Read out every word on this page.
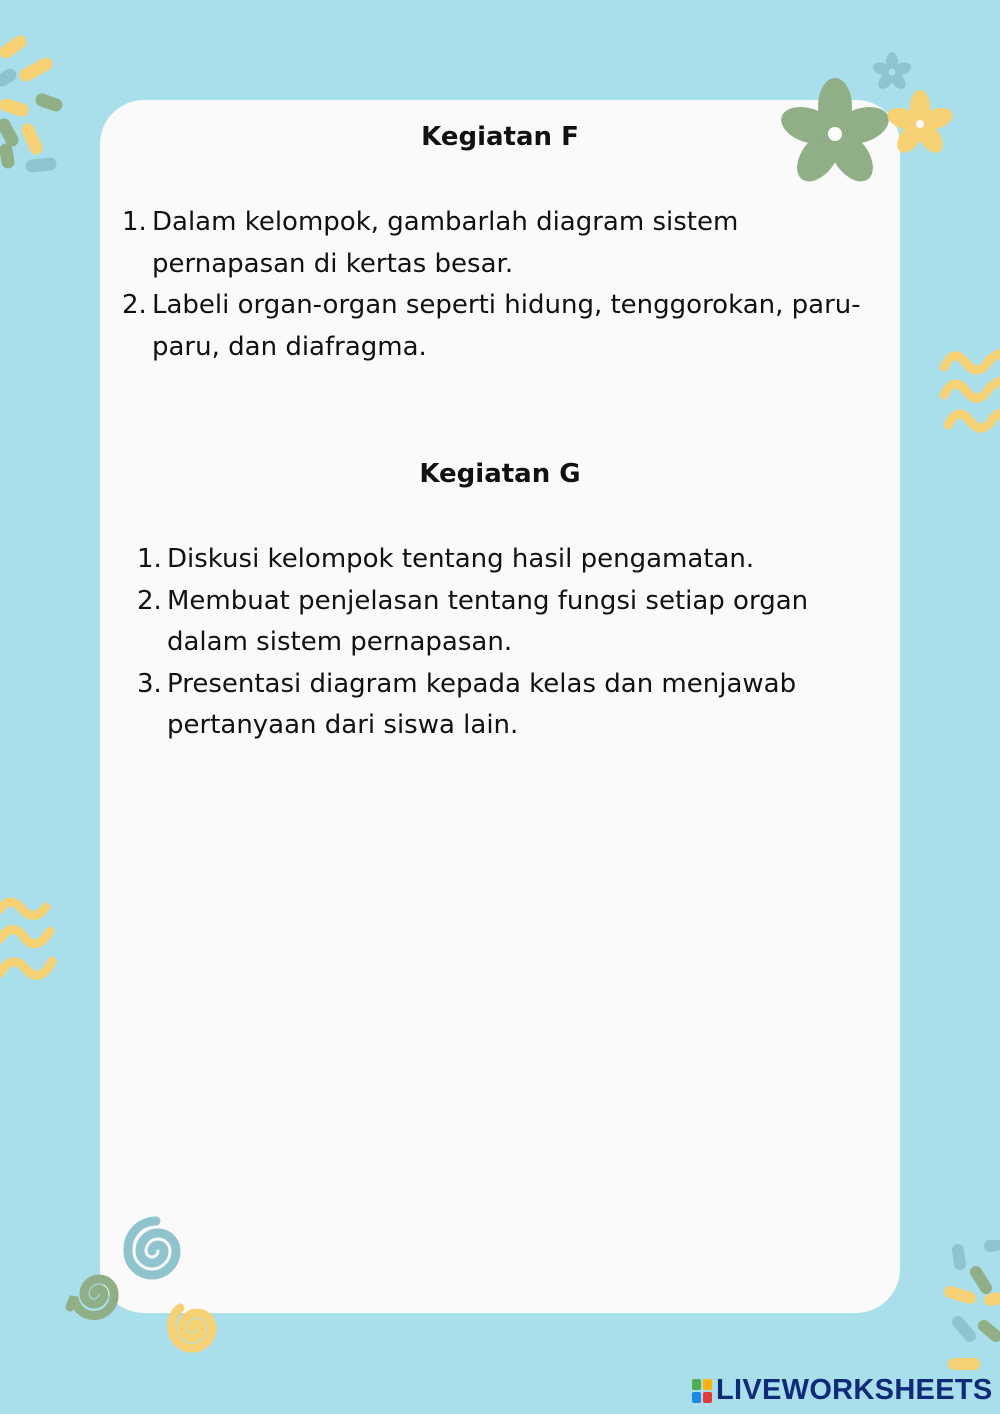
Kegiatan F
1. Dalam kelompok, gambarlah diagram sistem
pernapasan di kertas besar.
2. Labeli organ-organ seperti hidung, tenggorokan, paru-
paru, dan diafragma.
Kegiatan G
1. Diskusi kelompok tentang hasil pengamatan.
2. Membuat penjelasan tentang fungsi setiap organ
dalam sistem pernapasan.
3. Presentasi diagram kepada kelas dan menjawab
pertanyaan dari siswa lain.
LIVEWORKSHEETS
